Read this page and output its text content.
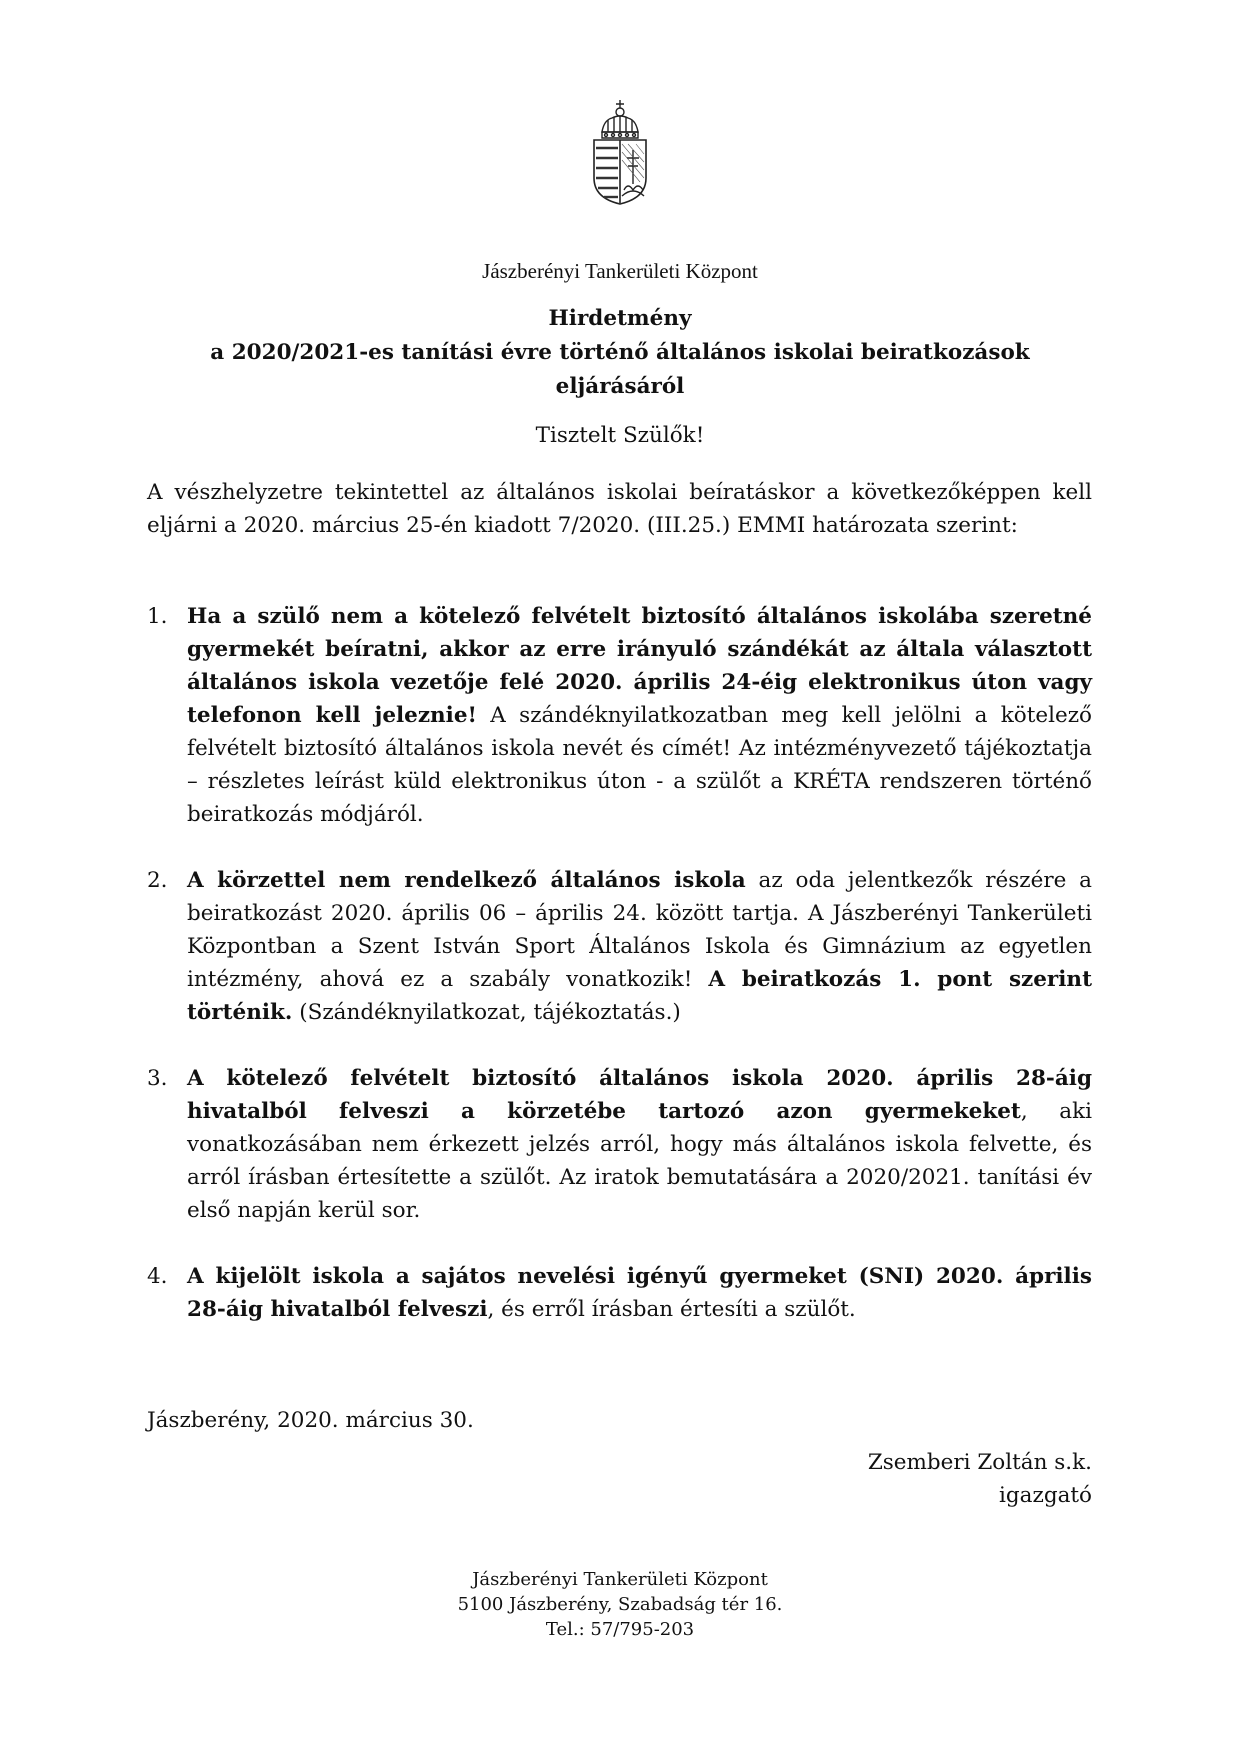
Jászberényi Tankerületi Központ
Hirdetmény
a 2020/2021-es tanítási évre történő általános iskolai beiratkozások
eljárásáról
Tisztelt Szülők!
A vészhelyzetre tekintettel az általános iskolai beíratáskor a következőképpen kell eljárni a 2020. március 25-én kiadott 7/2020. (III.25.) EMMI határozata szerint:
1. Ha a szülő nem a kötelező felvételt biztosító általános iskolába szeretné gyermekét beíratni, akkor az erre irányuló szándékát az általa választott általános iskola vezetője felé 2020. április 24-éig elektronikus úton vagy telefonon kell jeleznie! A szándéknyilatkozatban meg kell jelölni a kötelező felvételt biztosító általános iskola nevét és címét! Az intézményvezető tájékoztatja – részletes leírást küld elektronikus úton - a szülőt a KRÉTA rendszeren történő beiratkozás módjáról.
2. A körzettel nem rendelkező általános iskola az oda jelentkezők részére a beiratkozást 2020. április 06 – április 24. között tartja. A Jászberényi Tankerületi Központban a Szent István Sport Általános Iskola és Gimnázium az egyetlen intézmény, ahová ez a szabály vonatkozik! A beiratkozás 1. pont szerint történik. (Szándéknyilatkozat, tájékoztatás.)
3. A kötelező felvételt biztosító általános iskola 2020. április 28-áig hivatalból felveszi a körzetébe tartozó azon gyermekeket, aki vonatkozásában nem érkezett jelzés arról, hogy más általános iskola felvette, és arról írásban értesítette a szülőt. Az iratok bemutatására a 2020/2021. tanítási év első napján kerül sor.
4. A kijelölt iskola a sajátos nevelési igényű gyermeket (SNI) 2020. április 28-áig hivatalból felveszi, és erről írásban értesíti a szülőt.
Jászberény, 2020. március 30.
Zsemberi Zoltán s.k.
igazgató
Jászberényi Tankerületi Központ
5100 Jászberény, Szabadság tér 16.
Tel.: 57/795-203
